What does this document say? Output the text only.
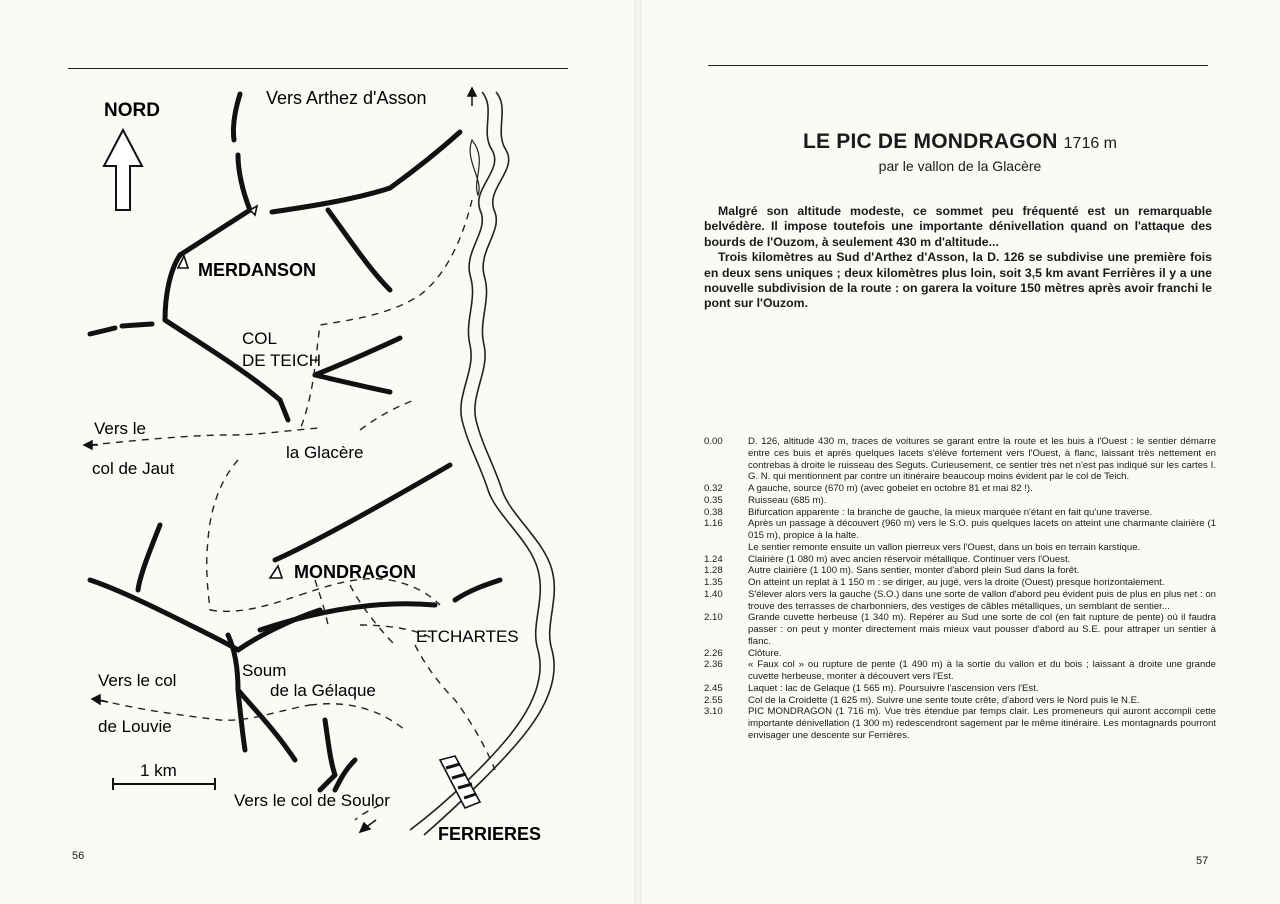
NORD
Vers Arthez d'Asson
MERDANSON
COL
DE TEICH
Vers le
col de Jaut
la Glacère
MONDRAGON
ETCHARTES
Soum
de la Gélaque
Vers le col
de Louvie
1 km
Vers le col de Soulor
FERRIERES
56	57
LE PIC DE MONDRAGON 1716 m
par le vallon de la Glacère

Malgré son altitude modeste, ce sommet peu fréquenté est un remarquable belvédère. Il impose toutefois une importante dénivellation quand on l'attaque des bourds de l'Ouzom, à seulement 430 m d'altitude...

Trois kilomètres au Sud d'Arthez d'Asson, la D. 126 se subdivise une première fois en deux sens uniques ; deux kilomètres plus loin, soit 3,5 km avant Ferrières il y a une nouvelle subdivision de la route : on garera la voiture 150 mètres après avoir franchi le pont sur l'Ouzom.

0.00	D. 126, altitude 430 m, traces de voitures se garant entre la route et les buis à l'Ouest : le sentier démarre entre ces buis et après quelques lacets s'élève fortement vers l'Ouest, à flanc, laissant très nettement en contrebas à droite le ruisseau des Seguts. Curieusement, ce sentier très net n'est pas indiqué sur les cartes I. G. N. qui mentionnent par contre un itinéraire beaucoup moins évident par le col de Teich.
0.32	A gauche, source (670 m) (avec gobelet en octobre 81 et mai 82 !).
0.35	Ruisseau (685 m).
0.38	Bifurcation apparente : la branche de gauche, la mieux marquée n'étant en fait qu'une traverse.
1.16	Après un passage à découvert (960 m) vers le S.O. puis quelques lacets on atteint une charmante clairière (1 015 m), propice à la halte.
Le sentier remonte ensuite un vallon pierreux vers l'Ouest, dans un bois en terrain karstique.
1.24	Clairière (1 080 m) avec ancien réservoir métallique. Continuer vers l'Ouest.
1.28	Autre clairière (1 100 m). Sans sentier, monter d'abord plein Sud dans la forêt.
1.35	On atteint un replat à 1 150 m : se diriger, au jugé, vers la droite (Ouest) presque horizontalement.
1.40	S'élever alors vers la gauche (S.O.) dans une sorte de vallon d'abord peu évident puis de plus en plus net : on trouve des terrasses de charbonniers, des vestiges de câbles métalliques, un semblant de sentier...
2.10	Grande cuvette herbeuse (1 340 m). Repérer au Sud une sorte de col (en fait rupture de pente) où il faudra passer : on peut y monter directement mais mieux vaut pousser d'abord au S.E. pour attraper un sentier à flanc.
2.26	Clôture.
2.36	« Faux col » ou rupture de pente (1 490 m) à la sortie du vallon et du bois ; laissant à droite une grande cuvette herbeuse, monter à découvert vers l'Est.
2.45	Laquet : lac de Gelaque (1 565 m). Poursuivre l'ascension vers l'Est.
2.55	Col de la Croidette (1 625 m). Suivre une sente toute crête, d'abord vers le Nord puis le N.E.
3.10	PIC MONDRAGON (1 716 m). Vue très étendue par temps clair. Les promeneurs qui auront accompli cette importante dénivellation (1 300 m) redescendront sagement par le même itinéraire. Les montagnards pourront envisager une descente sur Ferrières.
